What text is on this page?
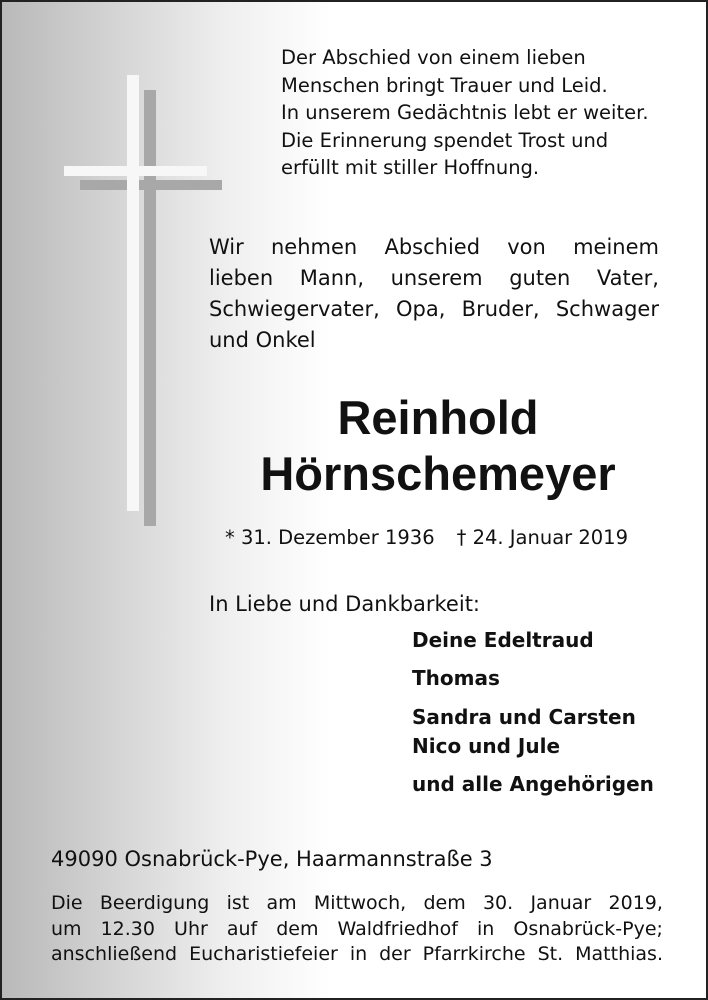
Der Abschied von einem lieben
Menschen bringt Trauer und Leid.
In unserem Gedächtnis lebt er weiter.
Die Erinnerung spendet Trost und
erfüllt mit stiller Hoffnung.
Wir nehmen Abschied von meinem
lieben Mann, unserem guten Vater,
Schwiegervater, Opa, Bruder, Schwager
und Onkel
Reinhold
Hörnschemeyer
* 31. Dezember 1936 † 24. Januar 2019
In Liebe und Dankbarkeit:
Deine Edeltraud
Thomas
Sandra und Carsten
Nico und Jule
und alle Angehörigen
49090 Osnabrück-Pye, Haarmannstraße 3
Die Beerdigung ist am Mittwoch, dem 30. Januar 2019,
um 12.30 Uhr auf dem Waldfriedhof in Osnabrück-Pye;
anschließend Eucharistiefeier in der Pfarrkirche St. Matthias.
